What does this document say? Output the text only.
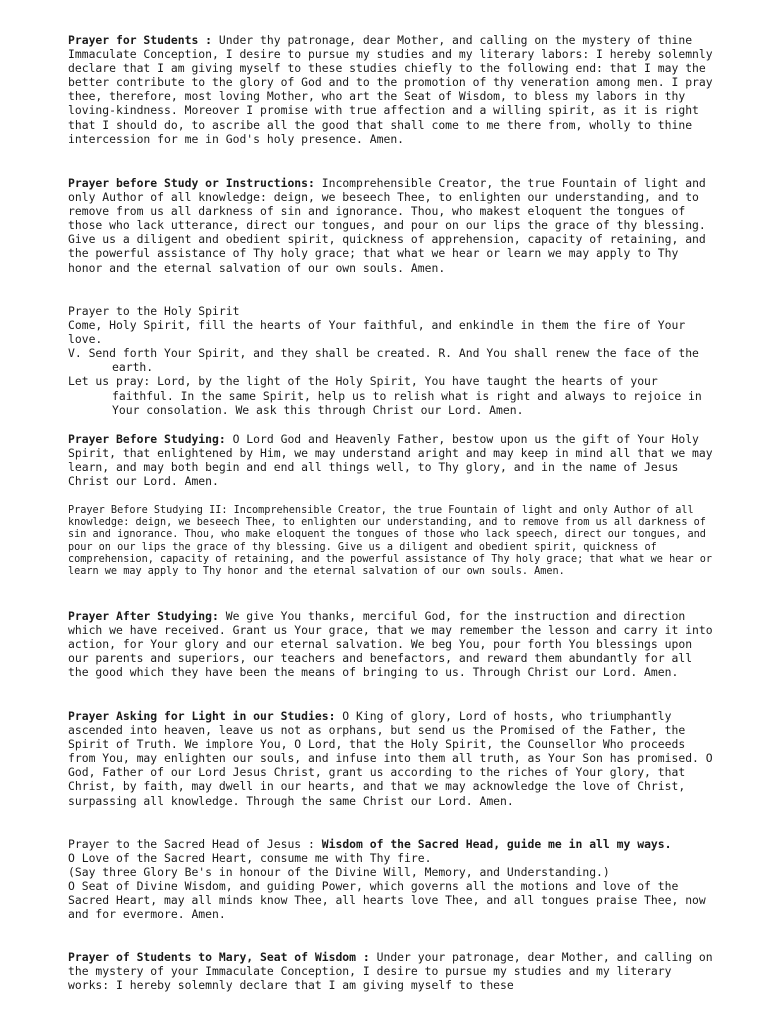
Prayer for Students : Under thy patronage, dear Mother, and calling on the mystery of thine Immaculate Conception, I desire to pursue my studies and my literary labors: I hereby solemnly declare that I am giving myself to these studies chiefly to the following end: that I may the better contribute to the glory of God and to the promotion of thy veneration among men. I pray thee, therefore, most loving Mother, who art the Seat of Wisdom, to bless my labors in thy loving-kindness. Moreover I promise with true affection and a willing spirit, as it is right that I should do, to ascribe all the good that shall come to me there from, wholly to thine intercession for me in God's holy presence. Amen.
Prayer before Study or Instructions: Incomprehensible Creator, the true Fountain of light and only Author of all knowledge: deign, we beseech Thee, to enlighten our understanding, and to remove from us all darkness of sin and ignorance. Thou, who makest eloquent the tongues of those who lack utterance, direct our tongues, and pour on our lips the grace of thy blessing. Give us a diligent and obedient spirit, quickness of apprehension, capacity of retaining, and the powerful assistance of Thy holy grace; that what we hear or learn we may apply to Thy honor and the eternal salvation of our own souls. Amen.
Prayer to the Holy Spirit
Come, Holy Spirit, fill the hearts of Your faithful, and enkindle in them the fire of Your love.
V. Send forth Your Spirit, and they shall be created. R. And You shall renew the face of the earth.
Let us pray: Lord, by the light of the Holy Spirit, You have taught the hearts of your faithful. In the same Spirit, help us to relish what is right and always to rejoice in Your consolation. We ask this through Christ our Lord. Amen.
Prayer Before Studying: O Lord God and Heavenly Father, bestow upon us the gift of Your Holy Spirit, that enlightened by Him, we may understand aright and may keep in mind all that we may learn, and may both begin and end all things well, to Thy glory, and in the name of Jesus Christ our Lord. Amen.
Prayer Before Studying II: Incomprehensible Creator, the true Fountain of light and only Author of all knowledge: deign, we beseech Thee, to enlighten our understanding, and to remove from us all darkness of sin and ignorance. Thou, who make eloquent the tongues of those who lack speech, direct our tongues, and pour on our lips the grace of thy blessing. Give us a diligent and obedient spirit, quickness of comprehension, capacity of retaining, and the powerful assistance of Thy holy grace; that what we hear or learn we may apply to Thy honor and the eternal salvation of our own souls. Amen.
Prayer After Studying: We give You thanks, merciful God, for the instruction and direction which we have received. Grant us Your grace, that we may remember the lesson and carry it into action, for Your glory and our eternal salvation. We beg You, pour forth You blessings upon our parents and superiors, our teachers and benefactors, and reward them abundantly for all the good which they have been the means of bringing to us. Through Christ our Lord. Amen.
Prayer Asking for Light in our Studies: O King of glory, Lord of hosts, who triumphantly ascended into heaven, leave us not as orphans, but send us the Promised of the Father, the Spirit of Truth. We implore You, O Lord, that the Holy Spirit, the Counsellor Who proceeds from You, may enlighten our souls, and infuse into them all truth, as Your Son has promised. O God, Father of our Lord Jesus Christ, grant us according to the riches of Your glory, that Christ, by faith, may dwell in our hearts, and that we may acknowledge the love of Christ, surpassing all knowledge. Through the same Christ our Lord. Amen.
Prayer to the Sacred Head of Jesus : Wisdom of the Sacred Head, guide me in all my ways.
O Love of the Sacred Heart, consume me with Thy fire.
(Say three Glory Be's in honour of the Divine Will, Memory, and Understanding.)
O Seat of Divine Wisdom, and guiding Power, which governs all the motions and love of the Sacred Heart, may all minds know Thee, all hearts love Thee, and all tongues praise Thee, now and for evermore. Amen.
Prayer of Students to Mary, Seat of Wisdom : Under your patronage, dear Mother, and calling on the mystery of your Immaculate Conception, I desire to pursue my studies and my literary works: I hereby solemnly declare that I am giving myself to these
